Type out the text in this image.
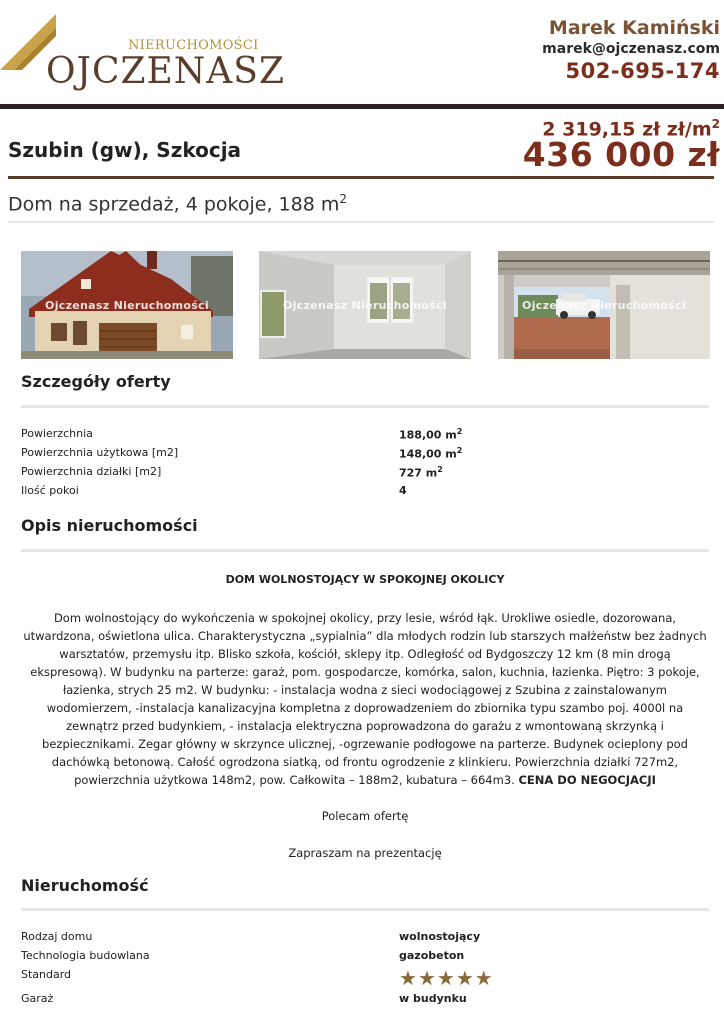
NIERUCHOMOŚCI
OJCZENASZ
Marek Kamiński
marek@ojczenasz.com
502-695-174
Szubin (gw), Szkocja
2 319,15 zł $zł/m^2$
436 000 zł
Dom na sprzedaż, 4 pokoje, 188 $m^2$
Ojczenasz Nieruchomości	Ojczenasz Nieruchomości	Ojczenasz Nieruchomości
Szczegóły oferty
Powierzchnia	188,00 $m^2$
Powierzchnia użytkowa [m2]	148,00 $m^2$
Powierzchnia działki [m2]	727 $m^2$
Ilość pokoi	4
Opis nieruchomości
DOM WOLNOSTOJĄCY W SPOKOJNEJ OKOLICY
Dom wolnostojący do wykończenia w spokojnej okolicy, przy lesie, wśród łąk. Urokliwe osiedle, dozorowana, utwardzona, oświetlona ulica. Charakterystyczna „sypialnia” dla młodych rodzin lub starszych małżeństw bez żadnych warsztatów, przemysłu itp. Blisko szkoła, kościół, sklepy itp. Odległość od Bydgoszczy 12 km (8 min drogą ekspresową). W budynku na parterze: garaż, pom. gospodarcze, komórka, salon, kuchnia, łazienka. Piętro: 3 pokoje, łazienka, strych 25 m2. W budynku: - instalacja wodna z sieci wodociągowej z Szubina z zainstalowanym wodomierzem, -instalacja kanalizacyjna kompletna z doprowadzeniem do zbiornika typu szambo poj. 4000l na zewnątrz przed budynkiem, - instalacja elektryczna poprowadzona do garażu z wmontowaną skrzynką i bezpiecznikami. Zegar główny w skrzynce ulicznej, -ogrzewanie podłogowe na parterze. Budynek ocieplony pod dachówką betonową. Całość ogrodzona siatką, od frontu ogrodzenie z klinkieru. Powierzchnia działki 727m2, powierzchnia użytkowa 148m2, pow. Całkowita – 188m2, kubatura – 664m3. CENA DO NEGOCJACJI
Polecam ofertę
Zapraszam na prezentację
Nieruchomość
Rodzaj domu	wolnostojący
Technologia budowlana	gazobeton
Standard	★★★★★
Garaż	w budynku
